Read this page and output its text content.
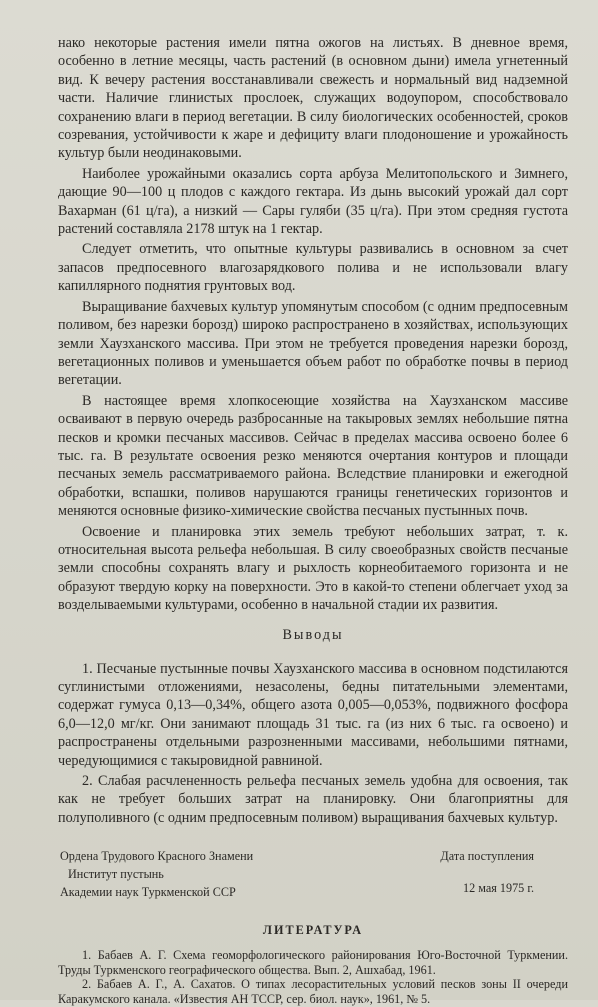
нако некоторые растения имели пятна ожогов на листьях. В дневное время, особенно в летние месяцы, часть растений (в основном дыни) имела угнетенный вид. К вечеру растения восстанавливали свежесть и нормальный вид надземной части. Наличие глинистых прослоек, служащих водоупором, способствовало сохранению влаги в период вегетации. В силу биологических особенностей, сроков созревания, устойчивости к жаре и дефициту влаги плодоношение и урожайность культур были неодинаковыми.

Наиболее урожайными оказались сорта арбуза Мелитопольского и Зимнего, дающие 90—100 ц плодов с каждого гектара. Из дынь высокий урожай дал сорт Вахарман (61 ц/га), а низкий — Сары гуляби (35 ц/га). При этом средняя густота растений составляла 2178 штук на 1 гектар.

Следует отметить, что опытные культуры развивались в основном за счет запасов предпосевного влагозарядкового полива и не использовали влагу капиллярного поднятия грунтовых вод.

Выращивание бахчевых культур упомянутым способом (с одним предпосевным поливом, без нарезки борозд) широко распространено в хозяйствах, использующих земли Хаузханского массива. При этом не требуется проведения нарезки борозд, вегетационных поливов и уменьшается объем работ по обработке почвы в период вегетации.

В настоящее время хлопкосеющие хозяйства на Хаузханском массиве осваивают в первую очередь разбросанные на такыровых землях небольшие пятна песков и кромки песчаных массивов. Сейчас в пределах массива освоено более 6 тыс. га. В результате освоения резко меняются очертания контуров и площади песчаных земель рассматриваемого района. Вследствие планировки и ежегодной обработки, вспашки, поливов нарушаются границы генетических горизонтов и меняются основные физико-химические свойства песчаных пустынных почв.

Освоение и планировка этих земель требуют небольших затрат, т. к. относительная высота рельефа небольшая. В силу своеобразных свойств песчаные земли способны сохранять влагу и рыхлость корнеобитаемого горизонта и не образуют твердую корку на поверхности. Это в какой-то степени облегчает уход за возделываемыми культурами, особенно в начальной стадии их развития.

Выводы

1. Песчаные пустынные почвы Хаузханского массива в основном подстилаются суглинистыми отложениями, незасолены, бедны питательными элементами, содержат гумуса 0,13—0,34%, общего азота 0,005—0,053%, подвижного фосфора 6,0—12,0 мг/кг. Они занимают площадь 31 тыс. га (из них 6 тыс. га освоено) и распространены отдельными разрозненными массивами, небольшими пятнами, чередующимися с такыровидной равниной.

2. Слабая расчлененность рельефа песчаных земель удобна для освоения, так как не требует больших затрат на планировку. Они благоприятны для полуполивного (с одним предпосевным поливом) выращивания бахчевых культур.

Ордена Трудового Красного Знамени
Институт пустынь
Академии наук Туркменской ССР
Дата поступления
12 мая 1975 г.
ЛИТЕРАТУРА

1. Бабаев А. Г. Схема геоморфологического районирования Юго-Восточной Туркмении. Труды Туркменского географического общества. Вып. 2, Ашхабад, 1961.

2. Бабаев А. Г., А. Сахатов. О типах лесорастительных условий песков зоны II очереди Каракумского канала. «Известия АН ТССР, сер. биол. наук», 1961, № 5.
